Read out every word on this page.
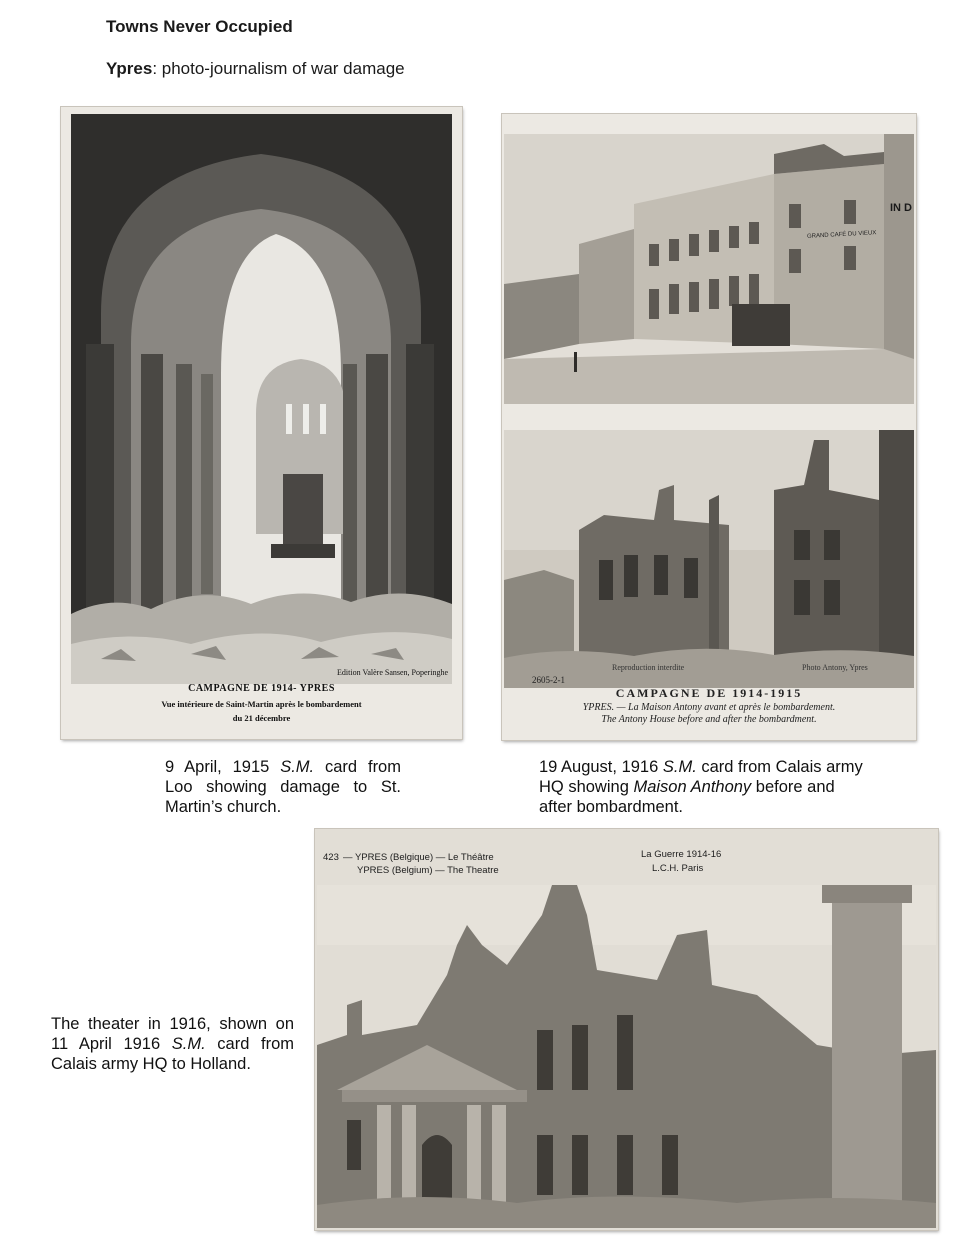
Towns Never Occupied
Ypres: photo-journalism of war damage
Edition Valère Sansen, Poperinghe
CAMPAGNE DE 1914- YPRES
Vue intérieure de Saint-Martin après le bombardement
du 21 décembre
9 April, 1915 S.M. card from Loo showing damage to St. Martin’s church.
GRAND CAFÉ DU VIEUX
IN D
2605-2-1
Reproduction interdite	Photo Antony, Ypres
CAMPAGNE DE 1914-1915
YPRES. — La Maison Antony avant et après le bombardement.
The Antony House before and after the bombardment.
19 August, 1916 S.M. card from Calais army HQ showing Maison Anthony before and after bombardment.
423 — YPRES (Belgique) — Le Théâtre
YPRES (Belgium) — The Theatre
La Guerre 1914-16
L.C.H. Paris
The theater in 1916, shown on 11 April 1916 S.M. card from Calais army HQ to Holland.
